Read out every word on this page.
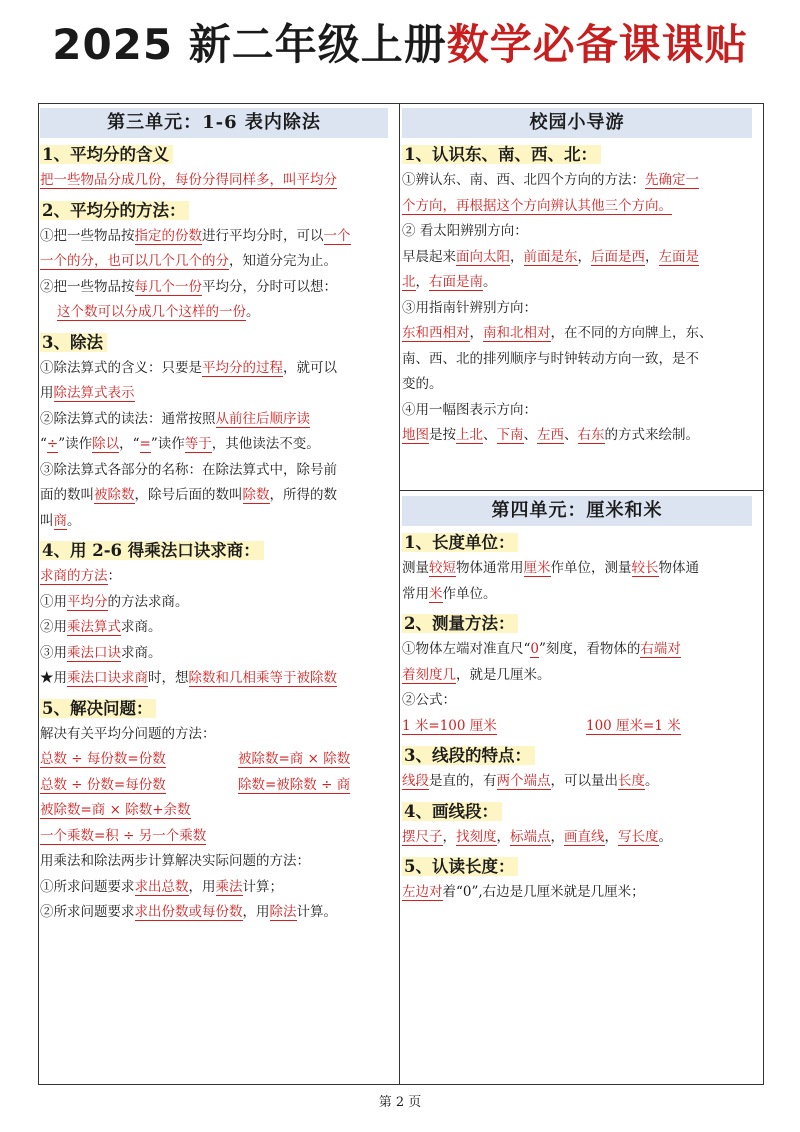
2025 新二年级上册数学必备课课贴
第三单元：1-6 表内除法
1、平均分的含义

把一些物品分成几份，每份分得同样多，叫平均分

2、平均分的方法：

①把一些物品按指定的份数进行平均分时，可以一个

一个的分，也可以几个几个的分，知道分完为止。

②把一些物品按每几个一份平均分，分时可以想：

这个数可以分成几个这样的一份。

3、除法

①除法算式的含义：只要是平均分的过程，就可以

用除法算式表示

②除法算式的读法：通常按照从前往后顺序读

“÷”读作除以，“=”读作等于，其他读法不变。

③除法算式各部分的名称：在除法算式中，除号前

面的数叫被除数，除号后面的数叫除数，所得的数

叫商。

4、用 2-6 得乘法口诀求商：

求商的方法：

①用平均分的方法求商。

②用乘法算式求商。

③用乘法口诀求商。

★用乘法口诀求商时，想除数和几相乘等于被除数

5、解决问题：

解决有关平均分问题的方法：

总数 ÷ 每份数=份数	被除数=商 × 除数
总数 ÷ 份数=每份数	除数=被除数 ÷ 商

被除数=商 × 除数+余数

一个乘数=积 ÷ 另一个乘数

用乘法和除法两步计算解决实际问题的方法：

①所求问题要求求出总数，用乘法计算；

②所求问题要求求出份数或每份数，用除法计算。

校园小导游
1、认识东、南、西、北：

①辨认东、南、西、北四个方向的方法：先确定一

个方向，再根据这个方向辨认其他三个方向。

② 看太阳辨别方向：

早晨起来面向太阳，前面是东，后面是西，左面是

北，右面是南。

③用指南针辨别方向：

东和西相对，南和北相对，在不同的方向牌上，东、

南、西、北的排列顺序与时钟转动方向一致，是不

变的。

④用一幅图表示方向：

地图是按上北、下南、左西、右东的方式来绘制。

第四单元：厘米和米
1、长度单位：

测量较短物体通常用厘米作单位，测量较长物体通

常用米作单位。

2、测量方法：

①物体左端对准直尺“0”刻度，看物体的右端对

着刻度几，就是几厘米。

②公式：

1 米=100 厘米	100 厘米=1 米
3、线段的特点：

线段是直的，有两个端点，可以量出长度。

4、画线段：

摆尺子，找刻度，标端点，画直线，写长度。

5、认读长度：

左边对着“0”,右边是几厘米就是几厘米；

第 2 页
